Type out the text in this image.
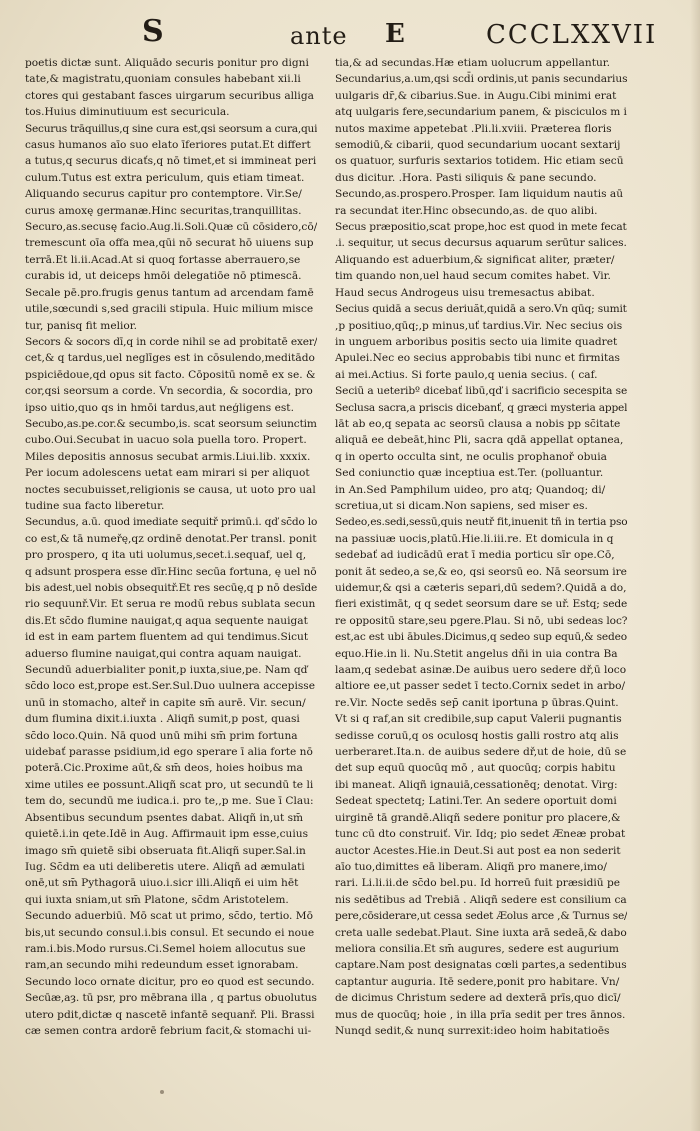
S	ante E	CCCLXXVII
poetis dictæ sunt. Aliquādo securis ponitur pro digni
tate,& magistratu,quoniam consules habebant xii.li
ctores qui gestabant fasces uirgarum securibus alliga
tos.Huius diminutiuum est securicula.
Securus trāquillus,q sine cura est,qsi seorsum a cura,qui
casus humanos aīo suo elato īferiores putat.Et differt
a tutus,q securus dicaťs,q nō timet,et si immineat peri
culum.Tutus est extra periculum, quis etiam timeat.
Aliquando securus capitur pro contemptore. Vir.Se/
curus amoxę germanæ.Hinc securitas,tranquillitas.
Securo,as.secusę facio.Aug.li.Soli.Quæ cū cōsidero,cō/
tremescunt oīa offa mea,qūi nō securat hō uiuens sup
terrā.Et li.ii.Acad.At si quoq fortasse aberrauero,se
curabis id, ut deiceps hmōi delegatiōe nō ptimescā.
Secale pē.pro.frugis genus tantum ad arcendam famē
utile,sœcundi s,sed gracili stipula. Huic milium misce
tur, panisq fit melior.
Secors & socors dī,q in corde nihil se ad probitatē exer/
cet,& q tardus,uel neglīges est in cōsulendo,meditādo
pspiciēdoue,qd opus sit facto. Cōpositū nomē ex se. &
cor,qsi seorsum a corde. Vn secordia, & socordia, pro
ipso uitio,quo qs in hmōi tardus,aut neģligens est.
Secubo,as.pe.cor.& secumbo,is. scat seorsum seiunctim
cubo.Oui.Secubat in uacuo sola puella toro. Propert.
Miles depositis annosus secubat armis.Liui.lib. xxxix.
Per iocum adolescens uetat eam mirari si per aliquot
noctes secubuisset,religionis se causa, ut uoto pro ual
tudine sua facto liberetur.
Secundus, a.ū. quod imediate sequitř primū.i. qď sc̄do lo
co est,& tā numeřę,qz ordinē denotat.Per transl. ponit
pro prospero, q ita uti uolumus,secet.i.sequaf, uel q,
q adsunt prospera esse dīr.Hinc secūa fortuna, ę uel nō
bis adest,uel nobis obsequitř.Et res secūę,q p nō desīde
rio sequunř.Vir. Et serua re modū rebus sublata secun
dis.Et sc̄do flumine nauigat,q aqua sequente nauigat
id est in eam partem fluentem ad qui tendimus.Sicut
aduerso flumine nauigat,qui contra aquam nauigat.
Secundū aduerbialiter ponit,p iuxta,siue,pe. Nam qď
sc̄do loco est,prope est.Ser.Sul.Duo uulnera accepisse
unū in stomacho, alteř in capite sm̄ aurē. Vir. secun/
dum flumina dixit.i.iuxta . Aliqñ sumit,p post, quasi
sc̄do loco.Quin. Nā quod unū mihi sm̄ prim fortuna
uidebať parasse psidium,id ego sperare ī alia forte nō
poterā.Cic.Proxime aūt,& sm̄ deos, hoies hoibus ma
xime utiles ee possunt.Aliqñ scat pro, ut secundū te li
tem do, secundū me iudica.i. pro te,,p me. Sue ī Clau:
Absentibus secundum psentes dabat. Aliqñ in,ut sm̄
quietē.i.in qete.Idē in Aug. Affirmauit ipm esse,cuius
imago sm̄ quietē sibi obseruata fit.Aliqñ super.Sal.in
Iug. Sc̄dm ea uti deliberetis utere. Aliqñ ad æmulati
onē,ut sm̄ Pythagorā uiuo.i.sicr illi.Aliqñ ei uim hēt
qui iuxta sniam,ut sm̄ Platone, sc̄dm Aristotelem.
Secundo aduerbiū. Mō scat ut primo, sc̄do, tertio. Mō
bis,ut secundo consul.i.bis consul. Et secundo ei noue
ram.i.bis.Modo rursus.Ci.Semel hoiem allocutus sue
ram,an secundo mihi redeundum esset ignorabam.
Secundo loco ornate dicitur, pro eo quod est secundo.
Secūæ,aȝ. tū psr, pro mēbrana illa , q partus obuolutus
utero pdit,dictæ q nascetē infantē sequanř. Pli. Brassi
cæ semen contra ardorē febrium facit,& stomachi ui-
tia,& ad secundas.Hæ etiam uolucrum appellantur.
Secundarius,a.um,qsi scd̄i ordinis,ut panis secundarius
uulgaris dr̄,& cibarius.Sue. in Augu.Cibi minimi erat
atq uulgaris fere,secundarium panem, & pisciculos m i
nutos maxime appetebat .Pli.li.xviii. Præterea floris
semodiū,& cibarii, quod secundarium uocant sextarij
os quatuor, surfuris sextarios totidem. Hic etiam secū
dus dicitur. .Hora. Pasti siliquis & pane secundo.
Secundo,as.prospero.Prosper. Iam liquidum nautis aū
ra secundat iter.Hinc obsecundo,as. de quo alibi.
Secus præpositio,scat prope,hoc est quod in mete fecat
.i. sequitur, ut secus decursus aquarum serūtur salices.
Aliquando est aduerbium,& significat aliter, præter/
tim quando non,uel haud secum comites habet. Vir.
Haud secus Androgeus uisu tremesactus abibat.
Secius quidā a secus deriuăt,quidā a sero.Vn qūq; sumit
,p positiuo,qūq;,p minus,uť tardius.Vir. Nec secius ois
in unguem arboribus positis secto uia limite quadret
Apulei.Nec eo secius approbabis tibi nunc et firmitas
ai mei.Actius. Si forte paulo,q uenia secius. ( caf.
Seciū a ueteribº dicebať libū,qď i sacrificio secespita se
Seclusa sacra,a priscis dicebanť, q græci mysteria appel
lāt ab eo,q sepata ac seorsū clausa a nobis pp sc̄itate
aliquā ee debeāt,hinc Pli, sacra qdā appellat optanea,
q in operto occulta sint, ne oculis prophanoř obuia
Sed coniunctio quæ inceptiua est.Ter. (polluantur.
in An.Sed Pamphilum uideo, pro atq; Quandoq; di/
scretiua,ut si dicam.Non sapiens, sed miser es.
Sedeo,es.sedi,sessū,quis neutř fit,inuenit tñ in tertia pso
na passiuæ uocis,platū.Hie.li.iii.re. Et domicula in q
sedebať ad iudicādū erat ī media porticu sīr ope.Cō,
ponit ăt sedeo,a se,& eo, qsi seorsū eo. Nā seorsum ire
uidemur,& qsi a cæteris separi,dū sedem?.Quidā a do,
fieri existimāt, q q sedet seorsum dare se uř. Estq; sede
re oppositū stare,seu pgere.Plau. Si nō, ubi sedeas loc?
est,ac est ubi ābules.Dicimus,q sedeo sup equū,& sedeo
equo.Hie.in li. Nu.Stetit angelus dñi in uia contra Ba
laam,q sedebat asinæ.De auibus uero sedere dř,ū loco
altiore ee,ut passer sedet ī tecto.Cornix sedet in arbo/
re.Vir. Nocte sedēs sep̄ canit iportuna p ūbras.Quint.
Vt si q raf,an sit credibile,sup caput Valerii pugnantis
sedisse coruū,q os oculosq hostis galli rostro atq alis
uerberaret.Ita.n. de auibus sedere dř,ut de hoie, dū se
det sup equū quocūq mō , aut quocūq; corpis habitu
ibi maneat. Aliqñ ignauiā,cessationēq; denotat. Virg:
Sedeat spectetq; Latini.Ter. An sedere oportuit domi
uirginē tā grandē.Aliqñ sedere ponitur pro placere,&
tunc cū dto construiť. Vir. Idq; pio sedet Æneæ probat
auctor Acestes.Hie.in Deut.Si aut post ea non sederit
aīo tuo,dimittes eā liberam. Aliqñ pro manere,imo/
rari. Li.li.ii.de sc̄do bel.pu. Id horreū fuit præsidiū pe
nis sedētibus ad Trebiā . Aliqñ sedere est consilium ca
pere,cōsiderare,ut cessa sedet Æolus arce ,& Turnus se/
creta ualle sedebat.Plaut. Sine iuxta arā sedeā,& dabo
meliora consilia.Et sm̄ augures, sedere est augurium
captare.Nam post designatas cœli partes,a sedentibus
captantur auguria. Itē sedere,ponit pro habitare. Vn/
de dicimus Christum sedere ad dexterā prīs,quo dicī/
mus de quocūq; hoie , in illa prīa sedit per tres ānnos.
Nunqd sedit,& nunq surrexit:ideo hoim habitatioēs
